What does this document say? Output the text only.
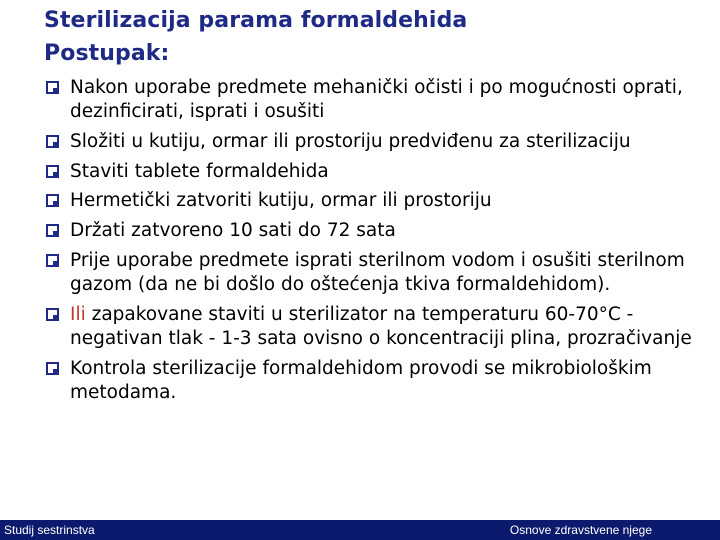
Sterilizacija parama formaldehida
Postupak:
Nakon uporabe predmete mehanički očisti i po mogućnosti oprati, dezinficirati, isprati i osušiti
Složiti u kutiju, ormar ili prostoriju predviđenu za sterilizaciju
Staviti tablete formaldehida
Hermetički zatvoriti kutiju, ormar ili prostoriju
Držati zatvoreno 10 sati do 72 sata
Prije uporabe predmete isprati sterilnom vodom i osušiti sterilnom gazom (da ne bi došlo do oštećenja tkiva formaldehidom).
Ili zapakovane staviti u sterilizator na temperaturu 60-70°C - negativan tlak - 1-3 sata ovisno o koncentraciji plina, prozračivanje
Kontrola sterilizacije formaldehidom provodi se mikrobiološkim metodama.
Studij sestrinstva	Osnove zdravstvene njege
